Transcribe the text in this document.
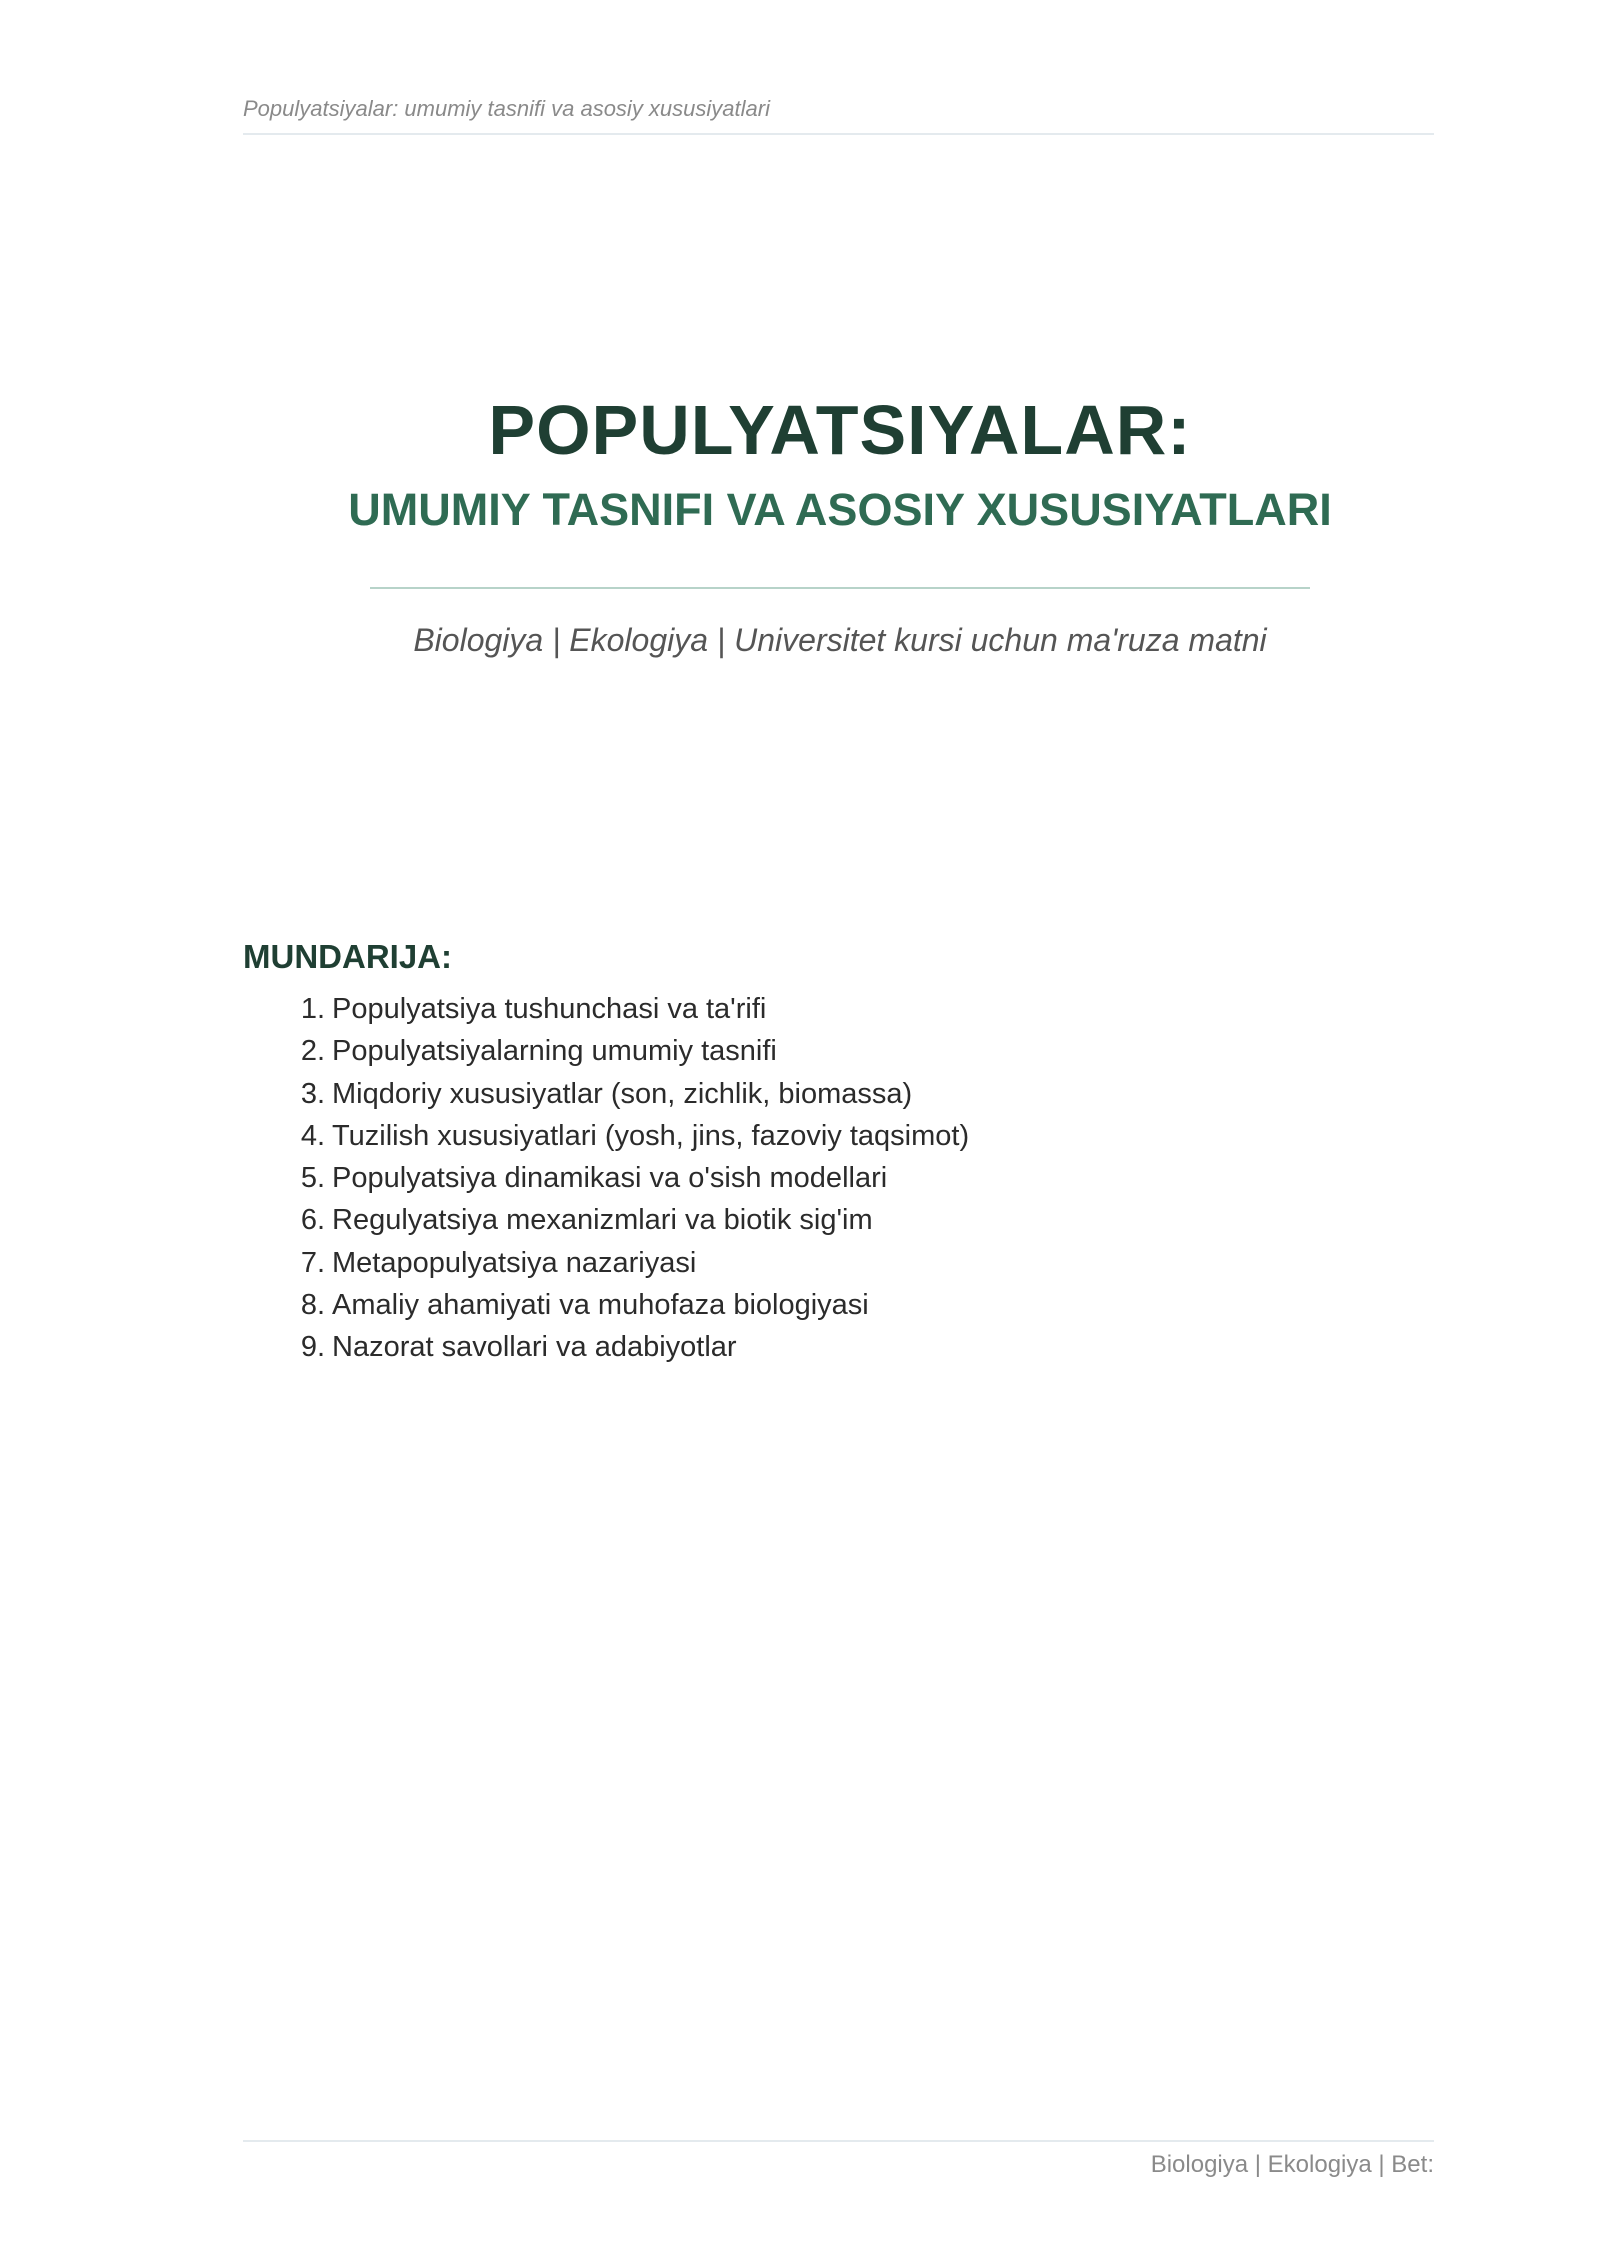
Populyatsiyalar: umumiy tasnifi va asosiy xususiyatlari
POPULYATSIYALAR:
UMUMIY TASNIFI VA ASOSIY XUSUSIYATLARI
Biologiya | Ekologiya | Universitet kursi uchun ma'ruza matni
MUNDARIJA:
1. Populyatsiya tushunchasi va ta'rifi
2. Populyatsiyalarning umumiy tasnifi
3. Miqdoriy xususiyatlar (son, zichlik, biomassa)
4. Tuzilish xususiyatlari (yosh, jins, fazoviy taqsimot)
5. Populyatsiya dinamikasi va o'sish modellari
6. Regulyatsiya mexanizmlari va biotik sig'im
7. Metapopulyatsiya nazariyasi
8. Amaliy ahamiyati va muhofaza biologiyasi
9. Nazorat savollari va adabiyotlar
Biologiya | Ekologiya | Bet:
